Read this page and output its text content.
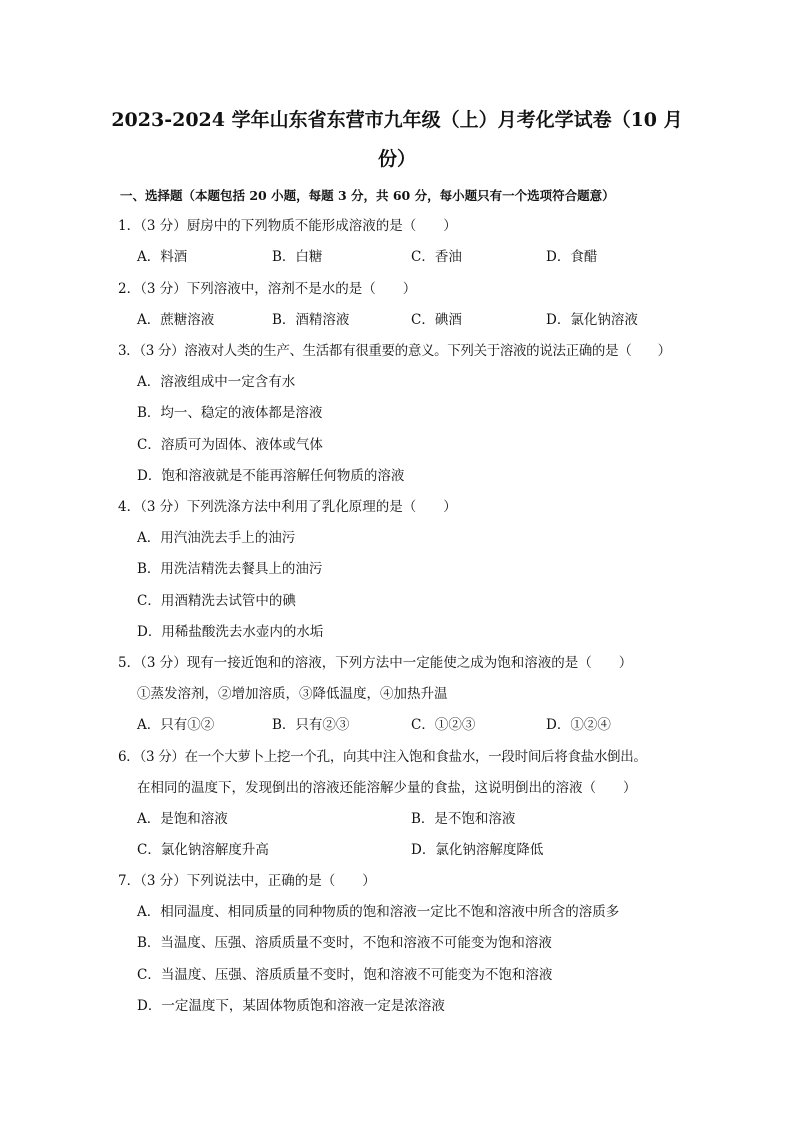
2023-2024 学年山东省东营市九年级（上）月考化学试卷（10 月
份）
一、选择题（本题包括 20 小题，每题 3 分，共 60 分，每小题只有一个选项符合题意）
1．（3 分）厨房中的下列物质不能形成溶液的是（　　）
A．料酒	B．白糖	C．香油	D．食醋
2．（3 分）下列溶液中，溶剂不是水的是（　　）
A．蔗糖溶液	B．酒精溶液	C．碘酒	D．氯化钠溶液
3．（3 分）溶液对人类的生产、生活都有很重要的意义。下列关于溶液的说法正确的是（　　）
A．溶液组成中一定含有水
B．均一、稳定的液体都是溶液
C．溶质可为固体、液体或气体
D．饱和溶液就是不能再溶解任何物质的溶液
4．（3 分）下列洗涤方法中利用了乳化原理的是（　　）
A．用汽油洗去手上的油污
B．用洗洁精洗去餐具上的油污
C．用酒精洗去试管中的碘
D．用稀盐酸洗去水壶内的水垢
5．（3 分）现有一接近饱和的溶液，下列方法中一定能使之成为饱和溶液的是（　　）
①蒸发溶剂，②增加溶质，③降低温度，④加热升温
A．只有①②	B．只有②③	C．①②③	D．①②④
6．（3 分）在一个大萝卜上挖一个孔，向其中注入饱和食盐水，一段时间后将食盐水倒出。
在相同的温度下，发现倒出的溶液还能溶解少量的食盐，这说明倒出的溶液（　　）
A．是饱和溶液	B．是不饱和溶液
C．氯化钠溶解度升高	D．氯化钠溶解度降低
7．（3 分）下列说法中，正确的是（　　）
A．相同温度、相同质量的同种物质的饱和溶液一定比不饱和溶液中所含的溶质多
B．当温度、压强、溶质质量不变时，不饱和溶液不可能变为饱和溶液
C．当温度、压强、溶质质量不变时，饱和溶液不可能变为不饱和溶液
D．一定温度下，某固体物质饱和溶液一定是浓溶液
